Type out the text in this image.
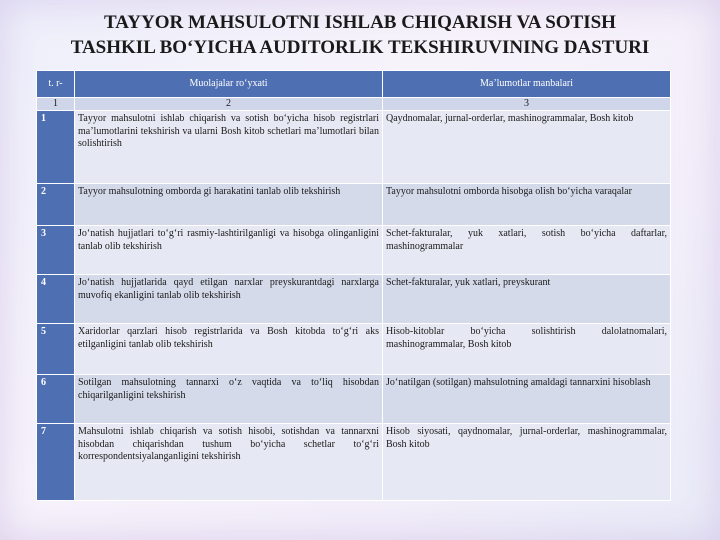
TAYYOR MAHSULOTNI ISHLAB CHIQARISH VA SOTISH
TASHKIL BO‘YICHA AUDITORLIK TEKSHIRUVINING DASTURI
t. r-	Muolajalar ro‘yxati	Ma’lumotlar manbalari
1	2	3
1	Tayyor mahsulotni ishlab chiqarish va sotish bo‘yicha hisob registrlari ma’lumotlarini tekshirish va ularni Bosh kitob schetlari ma’lumotlari bilan solishtirish	Qaydnomalar, jurnal-orderlar, mashinogrammalar, Bosh kitob
2	Tayyor mahsulotning omborda gi harakatini tanlab olib tekshirish	Tayyor mahsulotni omborda hisobga olish bo‘yicha varaqalar
3	Jo‘natish hujjatlari to‘g‘ri rasmiy-lashtirilganligi va hisobga olinganligini tanlab olib tekshirish	Schet-fakturalar, yuk xatlari, sotish bo‘yicha daftarlar, mashinogrammalar
4	Jo‘natish hujjatlarida qayd etilgan narxlar preyskurantdagi narxlarga muvofiq ekanligini tanlab olib tekshirish	Schet-fakturalar, yuk xatlari, preyskurant
5	Xaridorlar qarzlari hisob registrlarida va Bosh kitobda to‘g‘ri aks etilganligini tanlab olib tekshirish	Hisob-kitoblar bo‘yicha solishtirish dalolatnomalari, mashinogrammalar, Bosh kitob
6	Sotilgan mahsulotning tannarxi o‘z vaqtida va to‘liq hisobdan chiqarilganligini tekshirish	Jo‘natilgan (sotilgan) mahsulotning amaldagi tannarxini hisoblash
7	Mahsulotni ishlab chiqarish va sotish hisobi, sotishdan va tannarxni hisobdan chiqarishdan tushum bo‘yicha schetlar to‘g‘ri korrespondentsiyalanganligini tekshirish	Hisob siyosati, qaydnomalar, jurnal-orderlar, mashinogrammalar, Bosh kitob
